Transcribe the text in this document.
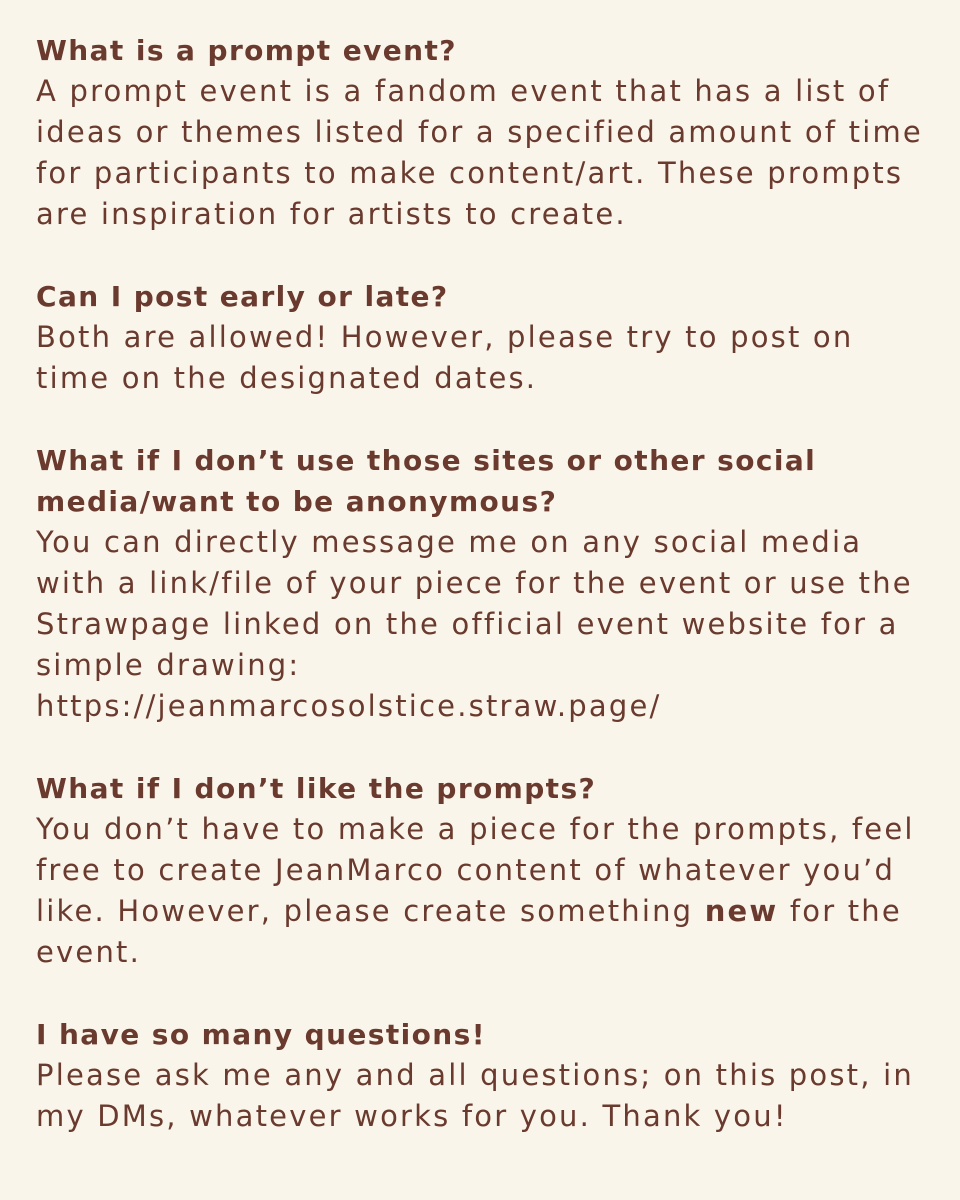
What is a prompt event?

A prompt event is a fandom event that has a list of ideas or themes listed for a specified amount of time for participants to make content/art. These prompts are inspiration for artists to create.

Can I post early or late?

Both are allowed! However, please try to post on time on the designated dates.

What if I don’t use those sites or other social media/want to be anonymous?

You can directly message me on any social media with a link/file of your piece for the event or use the Strawpage linked on the official event website for a simple drawing:

https://jeanmarcosolstice.straw.page/

What if I don’t like the prompts?

You don’t have to make a piece for the prompts, feel free to create JeanMarco content of whatever you’d like. However, please create something new for the event.

I have so many questions!

Please ask me any and all questions; on this post, in my DMs, whatever works for you. Thank you!
